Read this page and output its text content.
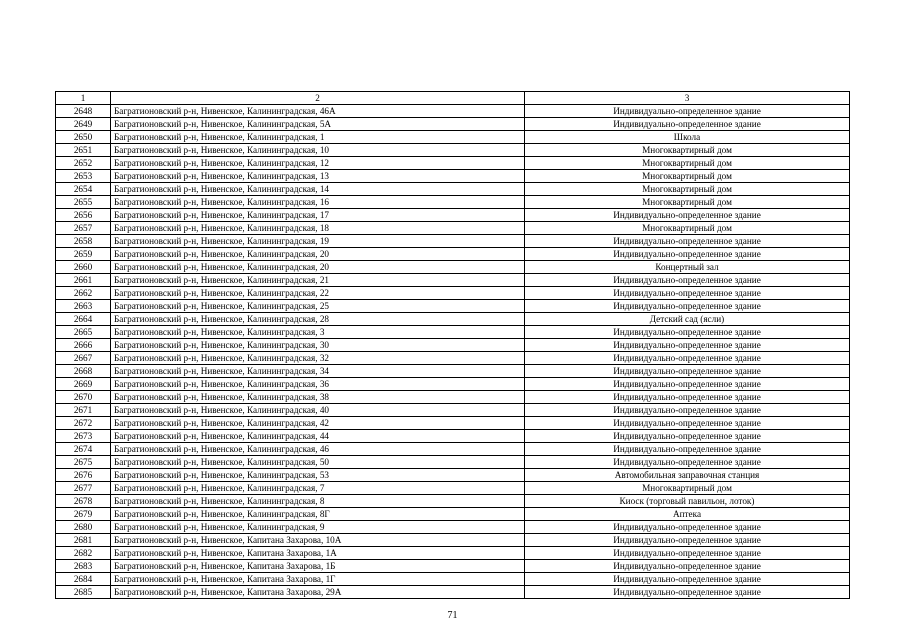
1	2	3
2648	Багратионовский р-н, Нивенское, Калининградская, 46А	Индивидуально-определенное здание
2649	Багратионовский р-н, Нивенское, Калининградская, 5А	Индивидуально-определенное здание
2650	Багратионовский р-н, Нивенское, Калининградская, 1	Школа
2651	Багратионовский р-н, Нивенское, Калининградская, 10	Многоквартирный дом
2652	Багратионовский р-н, Нивенское, Калининградская, 12	Многоквартирный дом
2653	Багратионовский р-н, Нивенское, Калининградская, 13	Многоквартирный дом
2654	Багратионовский р-н, Нивенское, Калининградская, 14	Многоквартирный дом
2655	Багратионовский р-н, Нивенское, Калининградская, 16	Многоквартирный дом
2656	Багратионовский р-н, Нивенское, Калининградская, 17	Индивидуально-определенное здание
2657	Багратионовский р-н, Нивенское, Калининградская, 18	Многоквартирный дом
2658	Багратионовский р-н, Нивенское, Калининградская, 19	Индивидуально-определенное здание
2659	Багратионовский р-н, Нивенское, Калининградская, 20	Индивидуально-определенное здание
2660	Багратионовский р-н, Нивенское, Калининградская, 20	Концертный зал
2661	Багратионовский р-н, Нивенское, Калининградская, 21	Индивидуально-определенное здание
2662	Багратионовский р-н, Нивенское, Калининградская, 22	Индивидуально-определенное здание
2663	Багратионовский р-н, Нивенское, Калининградская, 25	Индивидуально-определенное здание
2664	Багратионовский р-н, Нивенское, Калининградская, 28	Детский сад (ясли)
2665	Багратионовский р-н, Нивенское, Калининградская, 3	Индивидуально-определенное здание
2666	Багратионовский р-н, Нивенское, Калининградская, 30	Индивидуально-определенное здание
2667	Багратионовский р-н, Нивенское, Калининградская, 32	Индивидуально-определенное здание
2668	Багратионовский р-н, Нивенское, Калининградская, 34	Индивидуально-определенное здание
2669	Багратионовский р-н, Нивенское, Калининградская, 36	Индивидуально-определенное здание
2670	Багратионовский р-н, Нивенское, Калининградская, 38	Индивидуально-определенное здание
2671	Багратионовский р-н, Нивенское, Калининградская, 40	Индивидуально-определенное здание
2672	Багратионовский р-н, Нивенское, Калининградская, 42	Индивидуально-определенное здание
2673	Багратионовский р-н, Нивенское, Калининградская, 44	Индивидуально-определенное здание
2674	Багратионовский р-н, Нивенское, Калининградская, 46	Индивидуально-определенное здание
2675	Багратионовский р-н, Нивенское, Калининградская, 50	Индивидуально-определенное здание
2676	Багратионовский р-н, Нивенское, Калининградская, 53	Автомобильная заправочная станция
2677	Багратионовский р-н, Нивенское, Калининградская, 7	Многоквартирный дом
2678	Багратионовский р-н, Нивенское, Калининградская, 8	Киоск (торговый павильон, лоток)
2679	Багратионовский р-н, Нивенское, Калининградская, 8Г	Аптека
2680	Багратионовский р-н, Нивенское, Калининградская, 9	Индивидуально-определенное здание
2681	Багратионовский р-н, Нивенское, Капитана Захарова, 10А	Индивидуально-определенное здание
2682	Багратионовский р-н, Нивенское, Капитана Захарова, 1А	Индивидуально-определенное здание
2683	Багратионовский р-н, Нивенское, Капитана Захарова, 1Б	Индивидуально-определенное здание
2684	Багратионовский р-н, Нивенское, Капитана Захарова, 1Г	Индивидуально-определенное здание
2685	Багратионовский р-н, Нивенское, Капитана Захарова, 29А	Индивидуально-определенное здание
71
